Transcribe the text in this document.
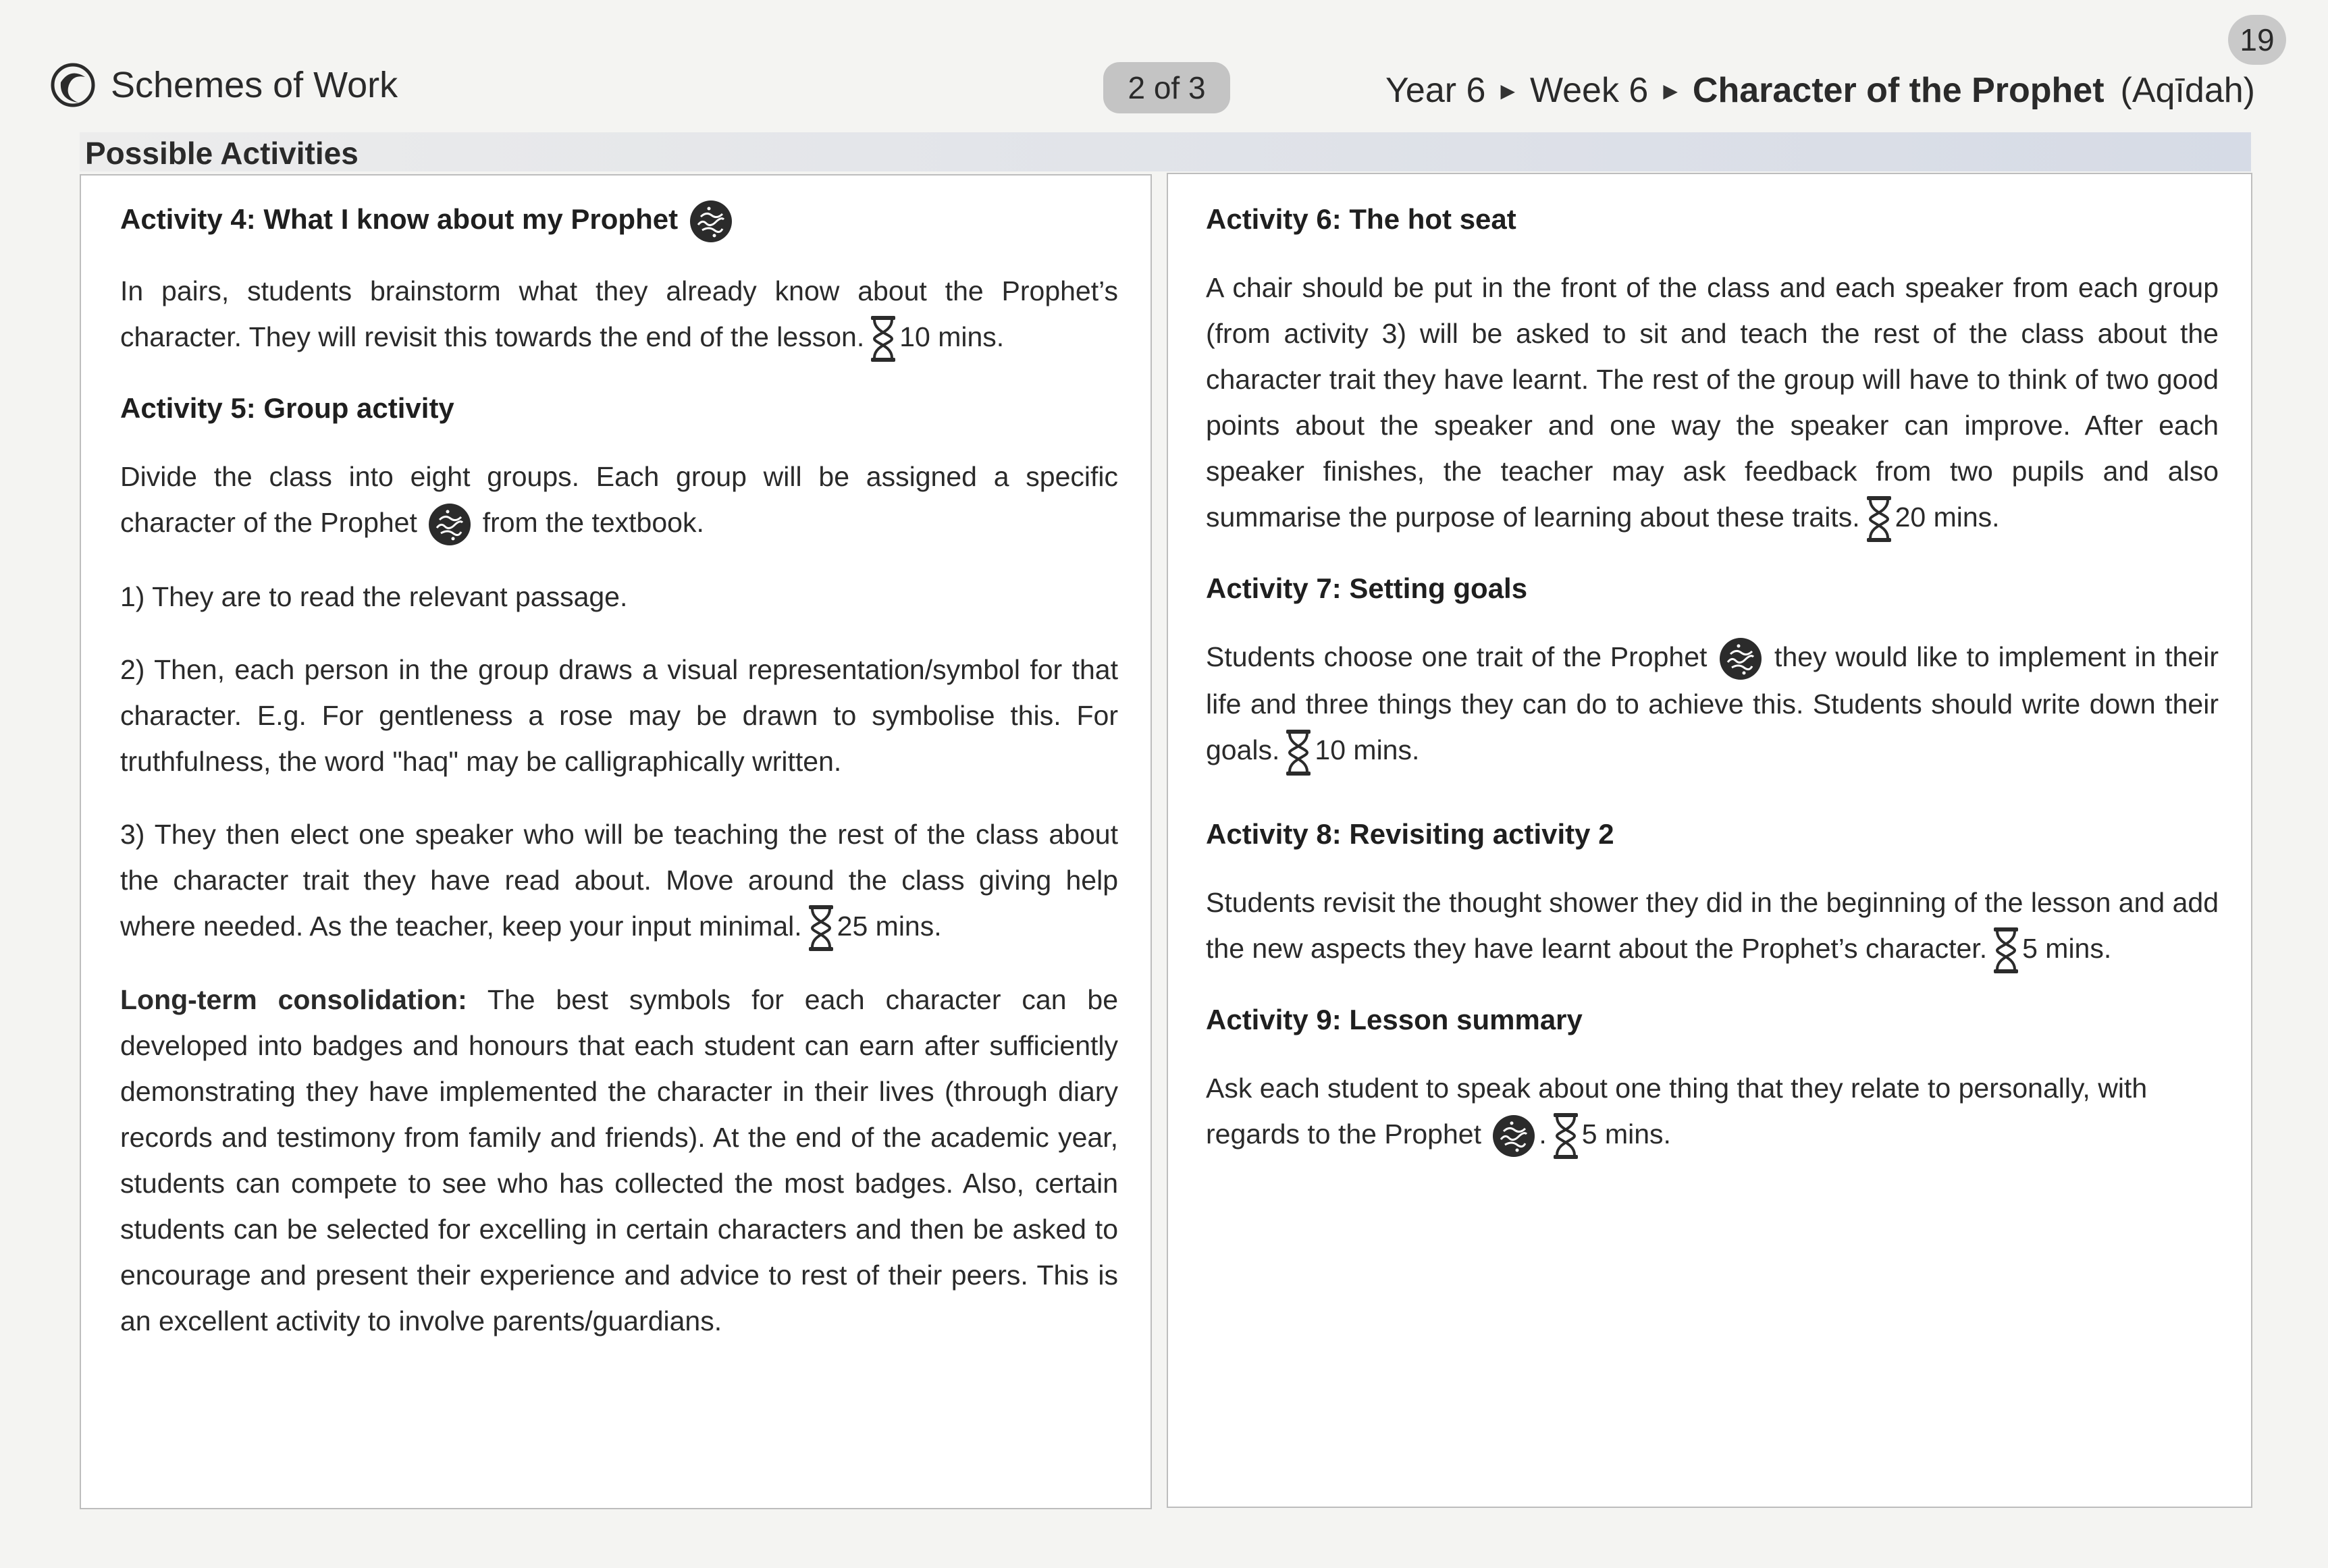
19
Schemes of Work	2 of 3	Year 6 ▶ Week 6 ▶ Character of the Prophet (Aqīdah)
Possible Activities
Activity 4: What I know about my Prophet

In pairs, students brainstorm what they already know about the Prophet’s character. They will revisit this towards the end of the lesson. 10 mins.

Activity 5: Group activity

Divide the class into eight groups. Each group will be assigned a specific character of the Prophet from the textbook.

1) They are to read the relevant passage.

2) Then, each person in the group draws a visual representation/symbol for that character. E.g. For gentleness a rose may be drawn to symbolise this. For truthfulness, the word "haq" may be calligraphically written.

3) They then elect one speaker who will be teaching the rest of the class about the character trait they have read about. Move around the class giving help where needed. As the teacher, keep your input minimal. 25 mins.

Long-term consolidation: The best symbols for each character can be developed into badges and honours that each student can earn after sufficiently demonstrating they have implemented the character in their lives (through diary records and testimony from family and friends). At the end of the academic year, students can compete to see who has collected the most badges. Also, certain students can be selected for excelling in certain characters and then be asked to encourage and present their experience and advice to rest of their peers. This is an excellent activity to involve parents/guardians.

Activity 6: The hot seat

A chair should be put in the front of the class and each speaker from each group (from activity 3) will be asked to sit and teach the rest of the class about the character trait they have learnt. The rest of the group will have to think of two good points about the speaker and one way the speaker can improve. After each speaker finishes, the teacher may ask feedback from two pupils and also summarise the purpose of learning about these traits. 20 mins.

Activity 7: Setting goals

Students choose one trait of the Prophet they would like to implement in their life and three things they can do to achieve this. Students should write down their goals. 10 mins.

Activity 8: Revisiting activity 2

Students revisit the thought shower they did in the beginning of the lesson and add the new aspects they have learnt about the Prophet’s character. 5 mins.

Activity 9: Lesson summary

Ask each student to speak about one thing that they relate to personally, with regards to the Prophet . 5 mins.
